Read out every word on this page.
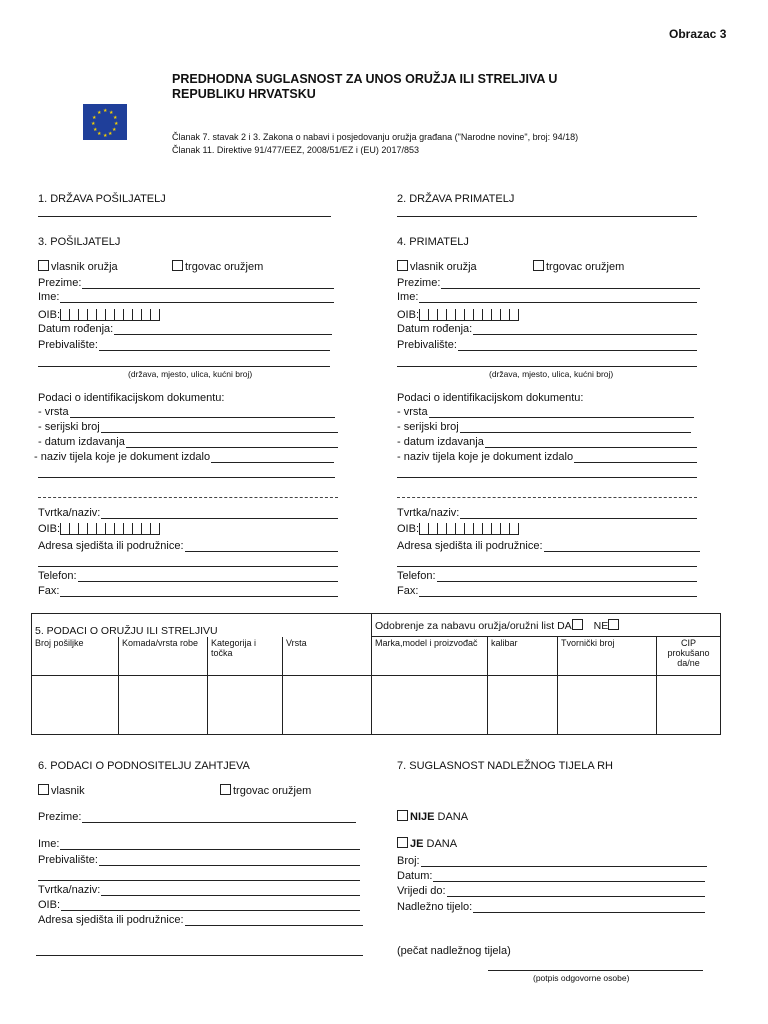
Obrazac 3
PREDHODNA SUGLASNOST ZA UNOS ORUŽJA ILI STRELJIVA U
REPUBLIKU HRVATSKU
★ ★
★
★
★
★
★
★
★
★
★
★
Članak 7. stavak 2 i 3. Zakona o nabavi i posjedovanju oružja građana ("Narodne novine", broj: 94/18)
Članak 11. Direktive 91/477/EEZ, 2008/51/EZ i (EU) 2017/853
1. DRŽAVA POŠILJATELJ	2. DRŽAVA PRIMATELJ
3. POŠILJATELJ
vlasnik oružja	trgovac oružjem
Prezime:
Ime:
OIB:
Datum rođenja:
Prebivalište:
(država, mjesto, ulica, kućni broj)
Podaci o identifikacijskom dokumentu:
- vrsta
- serijski broj
- datum izdavanja
- naziv tijela koje je dokument izdalo
Tvrtka/naziv:
OIB:
Adresa sjedišta ili podružnice:
Telefon:
Fax:
4. PRIMATELJ
vlasnik oružja	trgovac oružjem
Prezime:
Ime:
OIB:
Datum rođenja:
Prebivalište:
(država, mjesto, ulica, kućni broj)
Podaci o identifikacijskom dokumentu:
- vrsta
- serijski broj
- datum izdavanja
- naziv tijela koje je dokument izdalo
Tvrtka/naziv:
OIB:
Adresa sjedišta ili podružnice:
Telefon:
Fax:
5. PODACI O ORUŽJU ILI STRELJIVU				Odobrenje za nabavu oružja/oružni list DA NE			
Broj pošiljke	Komada/vrsta robe	Kategorija i točka	Vrsta	Marka,model i proizvođač	kalibar	Tvornički broj	CIP prokušano da/ne

6. PODACI O PODNOSITELJU ZAHTJEVA
vlasnik	trgovac oružjem
Prezime:
Ime:
Prebivalište:
Tvrtka/naziv:
OIB:
Adresa sjedišta ili podružnice:
7. SUGLASNOST NADLEŽNOG TIJELA RH
NIJE DANA
JE DANA
Broj:
Datum:
Vrijedi do:
Nadležno tijelo:
(pečat nadležnog tijela)
(potpis odgovorne osobe)
